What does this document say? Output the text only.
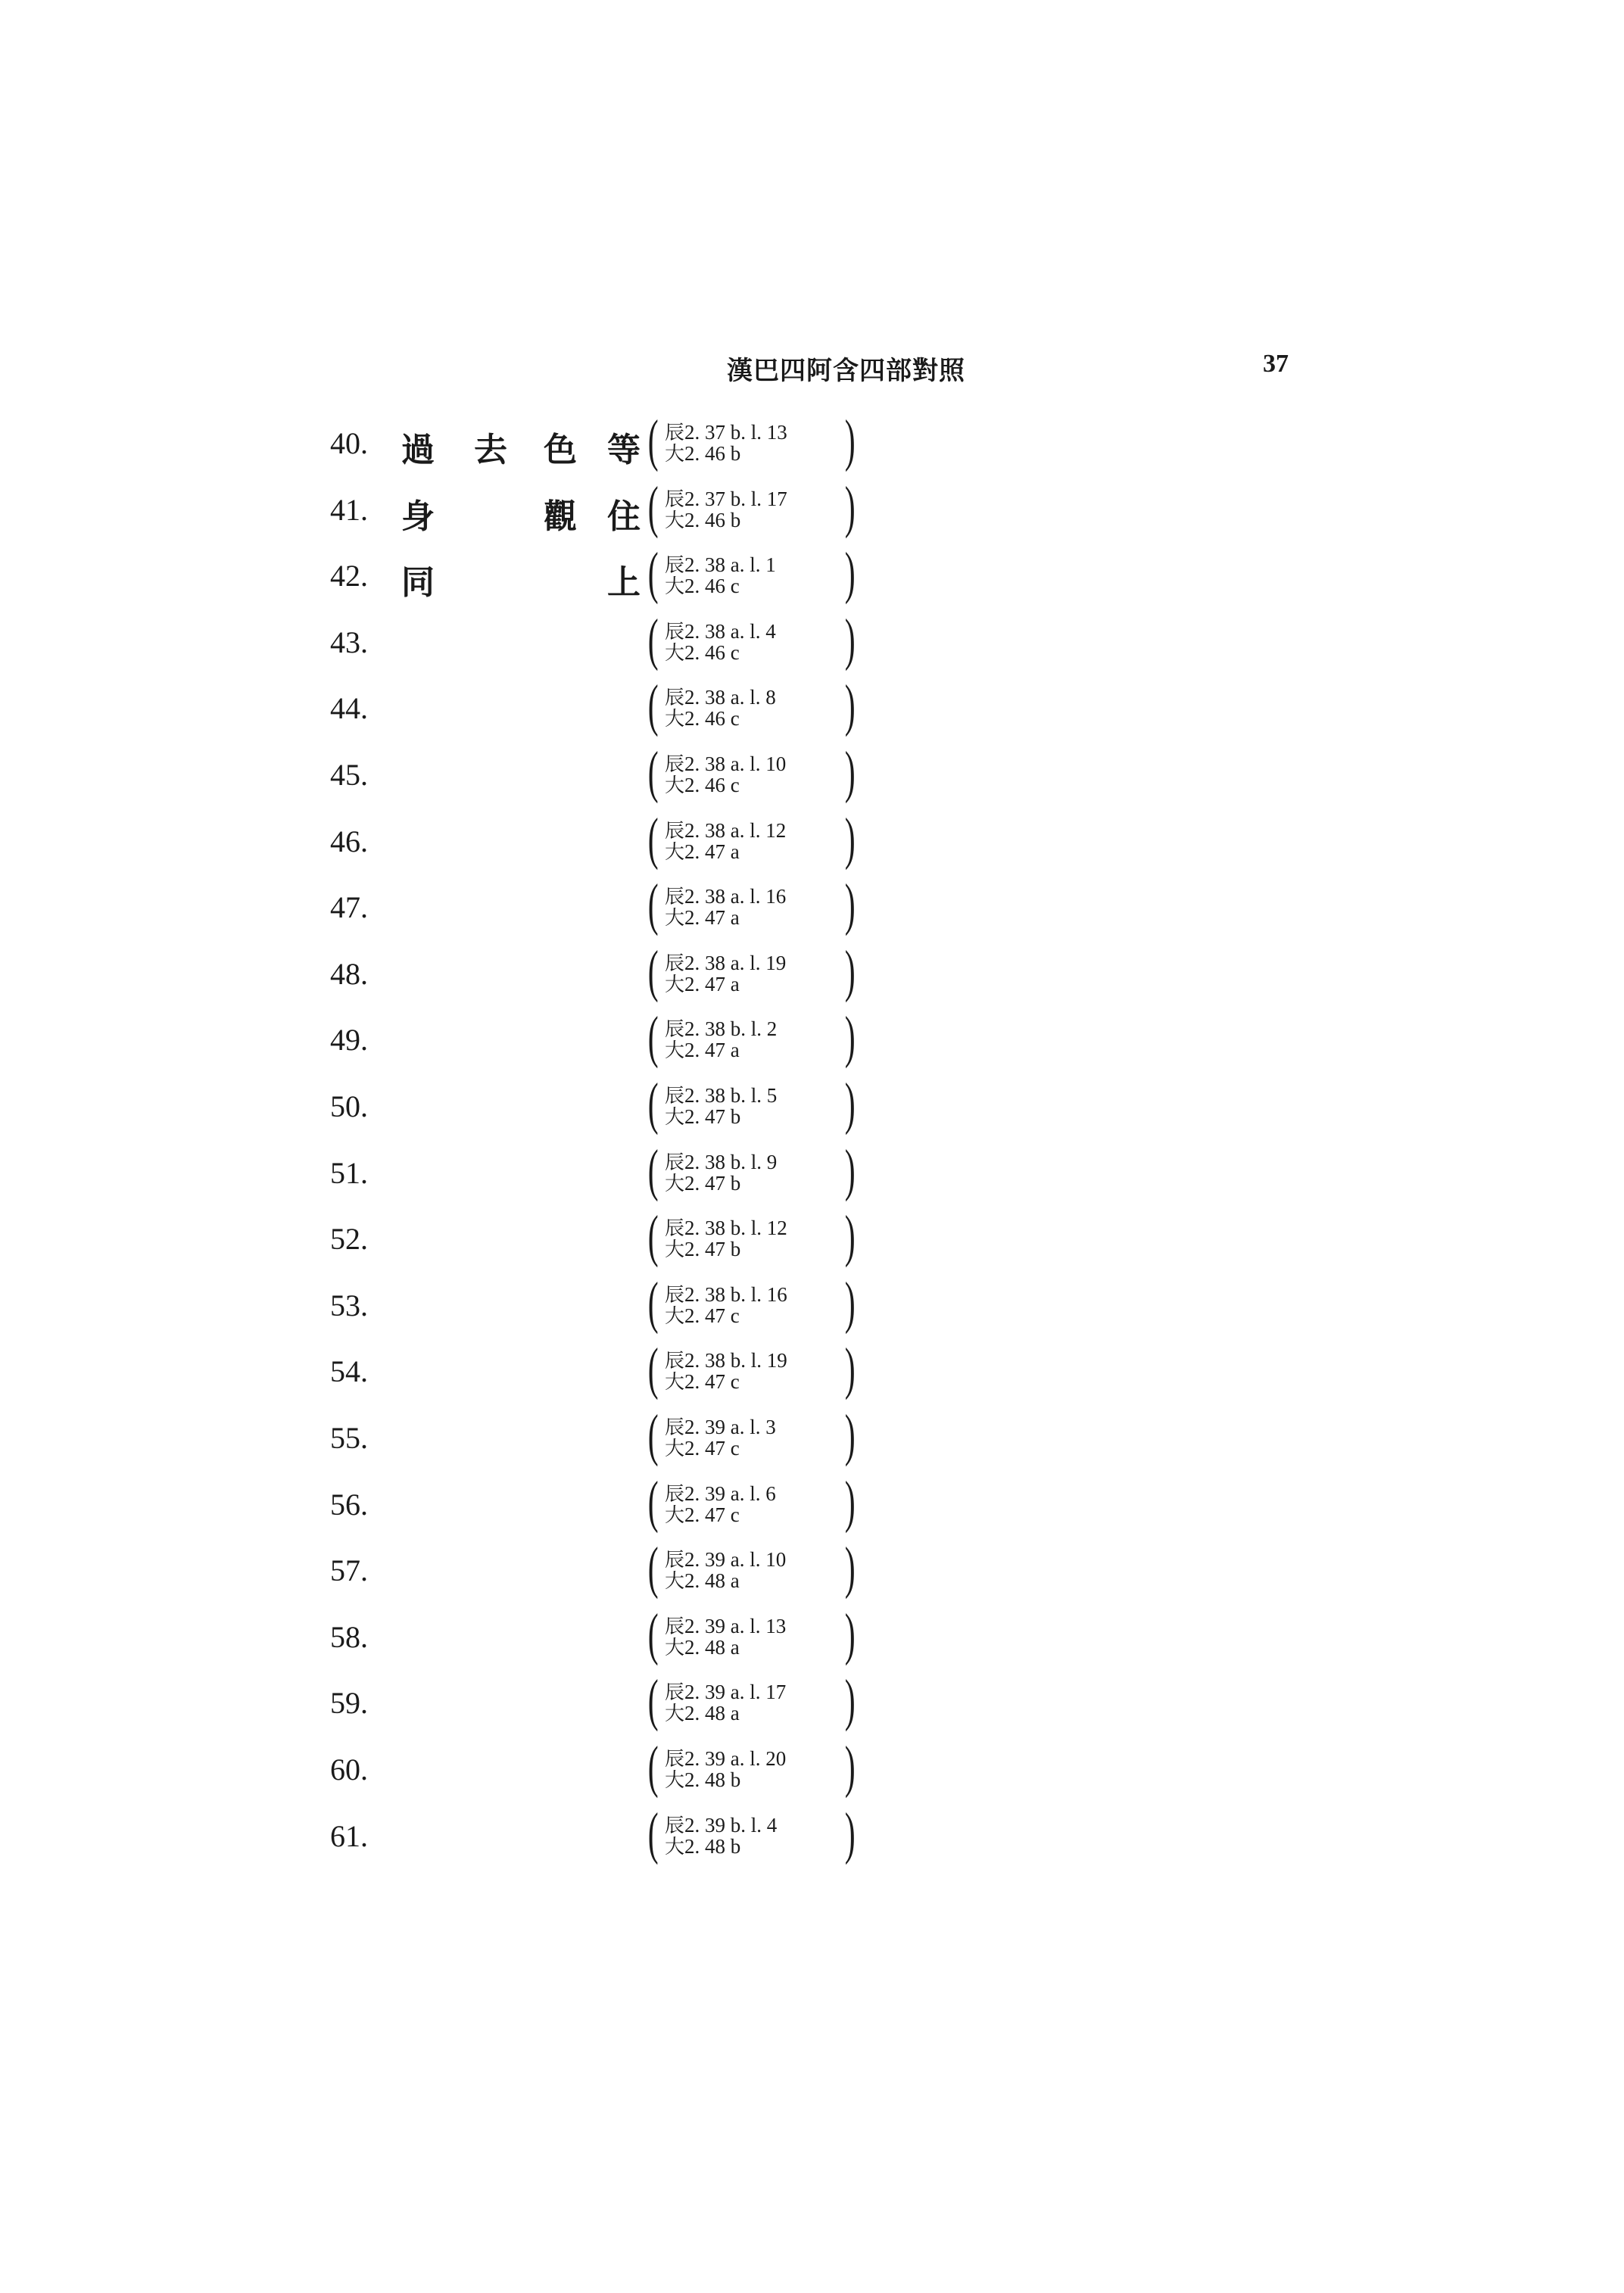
漢巴四阿含四部對照	37
40. 過 去 色 等 ( 辰2. 37 b. l. 13
大2. 46 b )
41. 身	觀 住 ( 辰2. 37 b. l. 17
大2. 46 b )
42. 同	上 ( 辰2. 38 a. l. 1
大2. 46 c )
43.	( 辰2. 38 a. l. 4
大2. 46 c )
44.	( 辰2. 38 a. l. 8
大2. 46 c )
45.	( 辰2. 38 a. l. 10
大2. 46 c )
46.	( 辰2. 38 a. l. 12
大2. 47 a )
47.	( 辰2. 38 a. l. 16
大2. 47 a )
48.	( 辰2. 38 a. l. 19
大2. 47 a )
49.	( 辰2. 38 b. l. 2
大2. 47 a )
50.	( 辰2. 38 b. l. 5
大2. 47 b )
51.	( 辰2. 38 b. l. 9
大2. 47 b )
52.	( 辰2. 38 b. l. 12
大2. 47 b )
53.	( 辰2. 38 b. l. 16
大2. 47 c )
54.	( 辰2. 38 b. l. 19
大2. 47 c )
55.	( 辰2. 39 a. l. 3
大2. 47 c )
56.	( 辰2. 39 a. l. 6
大2. 47 c )
57.	( 辰2. 39 a. l. 10
大2. 48 a )
58.	( 辰2. 39 a. l. 13
大2. 48 a )
59.	( 辰2. 39 a. l. 17
大2. 48 a )
60.	( 辰2. 39 a. l. 20
大2. 48 b )
61.	( 辰2. 39 b. l. 4
大2. 48 b )
